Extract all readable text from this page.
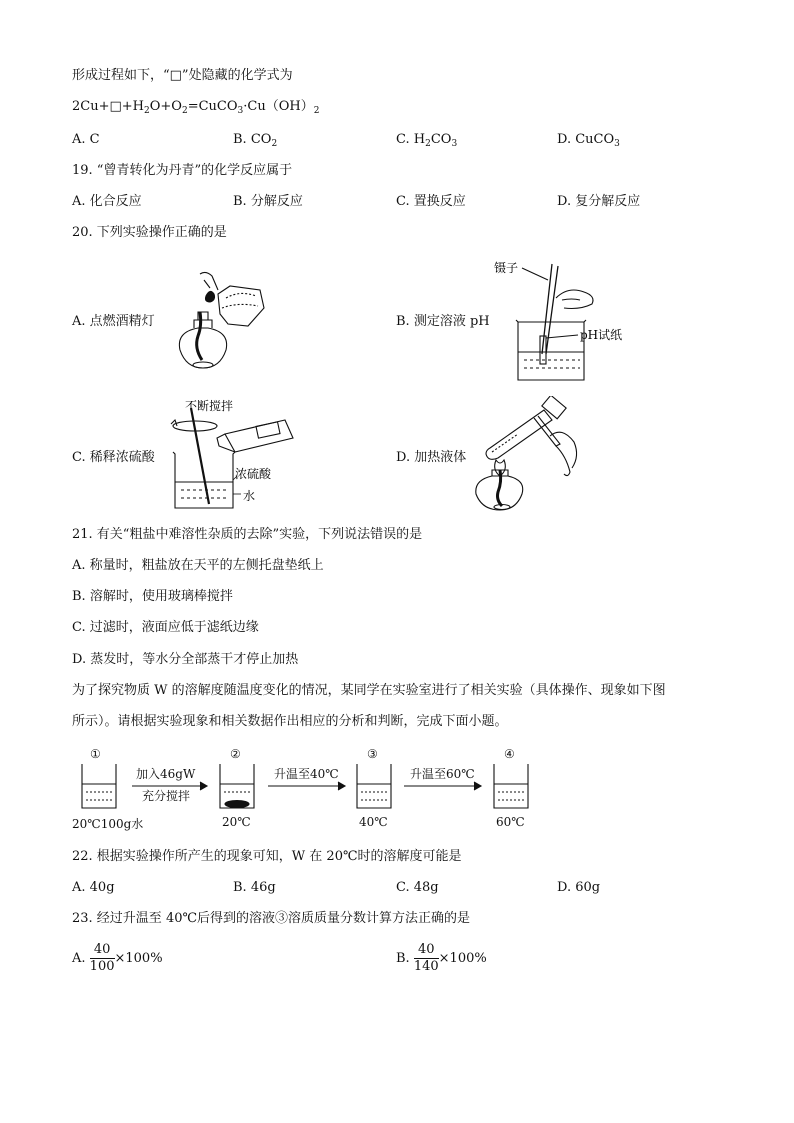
形成过程如下，“□”处隐藏的化学式为
$2Cu+□+H_2O+O_2=CuCO_3\cdot Cu(OH)_2$
A. C	B. $CO_2$	C. $H_2CO_3$	D. CuCO$_3$
19. “曾青转化为丹青”的化学反应属于
A. 化合反应	B. 分解反应	C. 置换反应	D. 复分解反应
20. 下列实验操作正确的是
A. 点燃酒精灯	B. 测定溶液 pH
C. 稀释浓硫酸	D. 加热液体
镊子
pH试纸
不断搅拌
浓硫酸
水
21. 有关“粗盐中难溶性杂质的去除”实验，下列说法错误的是
A. 称量时，粗盐放在天平的左侧托盘垫纸上
B. 溶解时，使用玻璃棒搅拌
C. 过滤时，液面应低于滤纸边缘
D. 蒸发时，等水分全部蒸干才停止加热
为了探究物质 W 的溶解度随温度变化的情况，某同学在实验室进行了相关实验（具体操作、现象如下图
所示）。请根据实验现象和相关数据作出相应的分析和判断，完成下面小题。
①	②	③	④
加入46gW
充分搅拌
升温至40℃	升温至60℃
20℃100g水	20℃	40℃	60℃
22. 根据实验操作所产生的现象可知，W 在 20℃时的溶解度可能是
A. 40g	B. 46g	C. 48g	D. 60g
23. 经过升温至 40℃后得到的溶液③溶质质量分数计算方法正确的是
A. $\frac{40}{100} \times 100\%$	B. $\frac{40}{140} \times 100\%$
